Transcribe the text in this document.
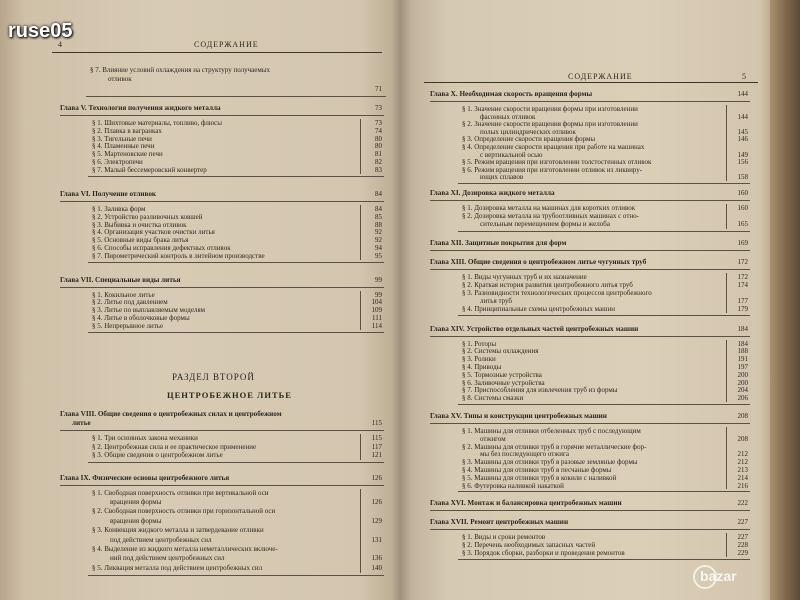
4	СОДЕРЖАНИЕ
§ 7. Влияние условий охлаждения на структуру получаемых
отливок
71
Глава V. Технология получения жидкого металла	73
§ 1. Шихтовые материалы, топливо, флюсы	73
§ 2. Плавка в вагранках	74
§ 3. Тигельные печи	80
§ 4. Пламенные печи	80
§ 5. Мартеновские печи	81
§ 6. Электропечи	82
§ 7. Малый бессемеровский конвертер	83
Глава VI. Получение отливок	84
§ 1. Заливка форм	84
§ 2. Устройство разливочных ковшей	85
§ 3. Выбивка и очистка отливок	88
§ 4. Организация участков очистки литья	92
§ 5. Основные виды брака литья	92
§ 6. Способы исправления дефектных отливок	94
§ 7. Пирометрический контроль в литейном производстве	95
Глава VII. Специальные виды литья	99
§ 1. Кокильное литье	99
§ 2. Литье под давлением	104
§ 3. Литье по выплавляемым моделям	109
§ 4. Литье в оболочковые формы	111
§ 5. Непрерывное литье	114
РАЗДЕЛ ВТОРОЙ
ЦЕНТРОБЕЖНОЕ ЛИТЬЕ
Глава VIII. Общие сведения о центробежных силах и центробежном
литье	115
§ 1. Три основных закона механики	115
§ 2. Центробежная сила и ее практическое применение	117
§ 3. Общие сведения о центробежном литье	121
Глава IX. Физические основы центробежного литья	126
§ 1. Свободная поверхность отливки при вертикальной оси
вращения формы	126
§ 2. Свободная поверхность отливки при горизонтальной оси
вращения формы	129
§ 3. Конвекция жидкого металла и затвердевание отливки
под действием центробежных сил	131
§ 4. Выделение из жидкого металла неметаллических включе-
ний под действием центробежных сил	136
§ 5. Ликвация металла под действием центробежных сил	140
СОДЕРЖАНИЕ	5
Глава X. Необходимая скорость вращения формы	144
§ 1. Значение скорости вращения формы при изготовлении
фасонных отливок	144
§ 2. Значение скорости вращения формы при изготовлении
полых цилиндрических отливок	145
§ 3. Определение скорости вращения формы	146
§ 4. Определение скорости вращения при работе на машинах
с вертикальной осью	149
§ 5. Режим вращения при изготовлении толстостенных отливок	156
§ 6. Режим вращения при изготовлении отливок из ликвиру-
ющих сплавов	158
Глава XI. Дозировка жидкого металла	160
§ 1. Дозировка металла на машинах для коротких отливок	160
§ 2. Дозировка металла на трубоотливных машинах с отно-
сительным перемещением формы и желоба	165
Глава XII. Защитные покрытия для форм	169
Глава XIII. Общие сведения о центробежном литье чугунных труб	172
§ 1. Виды чугунных труб и их назначение	172
§ 2. Краткая история развития центробежного литья труб	174
§ 3. Разновидности технологических процессов центробежного
литья труб	177
§ 4. Принципиальные схемы центробежных машин	179
Глава XIV. Устройство отдельных частей центробежных машин	184
§ 1. Роторы	184
§ 2. Системы охлаждения	188
§ 3. Ролики	191
§ 4. Приводы	197
§ 5. Тормозные устройства	200
§ 6. Заливочные устройства	200
§ 7. Приспособления для извлечения труб из формы	204
§ 8. Системы смазки	206
Глава XV. Типы и конструкции центробежных машин	208
§ 1. Машины для отливки отбеленных труб с последующим
отжигом	208
§ 2. Машины для отливки труб в горячие металлические фор-
мы без последующего отжига	212
§ 3. Машины для отливки труб в разовые земляные формы	212
§ 4. Машины для отливки труб в песчаные формы	213
§ 5. Машины для отливки труб в кокили с наливкой	214
§ 6. Футеровка наливкой накаткой	216
Глава XVI. Монтаж и балансировка центробежных машин	222
Глава XVII. Ремонт центробежных машин	227
§ 1. Виды и сроки ремонтов	227
§ 2. Перечень необходимых запасных частей	228
§ 3. Порядок сборки, разборки и проведения ремонтов	229
ruse05
bazar
